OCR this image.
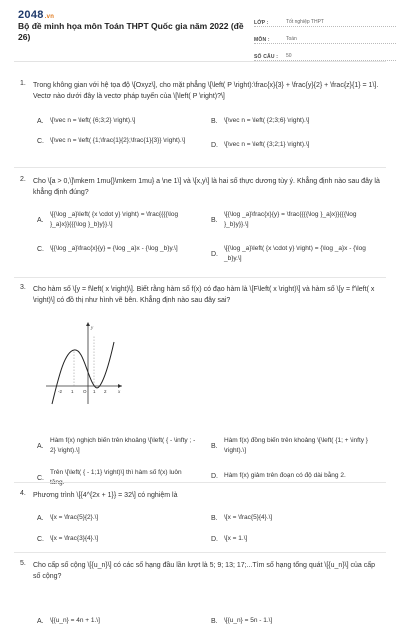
2048.vn
Bộ đề minh họa môn Toán THPT Quốc gia năm 2022 (đề 26)
LỚP :	Tốt nghiệp THPT
MÔN :	Toán
SỐ CÂU :	50
1.	Trong không gian với hệ tọa độ \[Oxyz\], cho mặt phẳng \[\left( P \right):\frac{x}{3} + \frac{y}{2} + \frac{z}{1} = 1\]. Vectơ nào dưới đây là vectơ pháp tuyến của \[\left( P \right)?\]
A. \[\vec n = \left( {6;3;2} \right).\]	B. \[\vec n = \left( {2;3;6} \right).\]
C. \[\vec n = \left( {1;\frac{1}{2};\frac{1}{3}} \right).\]
D. \[\vec n = \left( {3;2;1} \right).\]
2.	Cho \[a > 0,\]\mkern 1mu{}\mkern 1mu} a \ne 1\] và \[x,y\] là hai số thực dương tùy ý. Khẳng định nào sau đây là khẳng định đúng?
A.
\[{\log _a}\left( {x \cdot y} \right) = \frac{{{{\log }_a}x}}{{{\log }_b}y}}.\]
B.
\[{\log _a}\frac{x}{y} = \frac{{{{\log }_a}x}}{{{\log }_b}y}}.\]
C. \[{\log _a}\frac{x}{y} = {\log _a}x - {\log _b}y.\]
D.
\[{\log _a}\left( {x \cdot y} \right) = {\log _a}x - {\log _b}y.\]
3.	Cho hàm số \[y = f\left( x \right)\]. Biết rằng hàm số f(x) có đạo hàm là \[F\left( x \right)\] và hàm số \[y = f'\left( x \right)\] có đồ thị như hình vẽ bên. Khẳng định nào sau đây sai?
A.
Hàm f(x) nghịch biến trên khoảng \[\left( { - \infty ; - 2} \right).\]
B.
Hàm f(x) đồng biến trên khoảng \[\left( {1; + \infty } \right).\]
C.
Trên \[\left( { - 1;1} \right)\] thì hàm số f(x) luôn	D. Hàm f(x) giảm trên đoạn có độ dài bằng 2.
y
x
O
-2 1	1 2
4.	Phương trình \[{4^{2x + 1}} = 32\] có nghiệm là
A. \[x = \frac{5}{2}.\]	B. \[x = \frac{5}{4}.\]
C. \[x = \frac{3}{4}.\]	D. \[x = 1.\]
5.	Cho cấp số cộng \[{u_n}\] có các số hạng đầu lần lượt là 5; 9; 13; 17;...Tìm số hạng tổng quát \[{u_n}\] của cấp số cộng?
A. \[{u_n} = 4n + 1.\]	B. \[{u_n} = 5n - 1.\]
